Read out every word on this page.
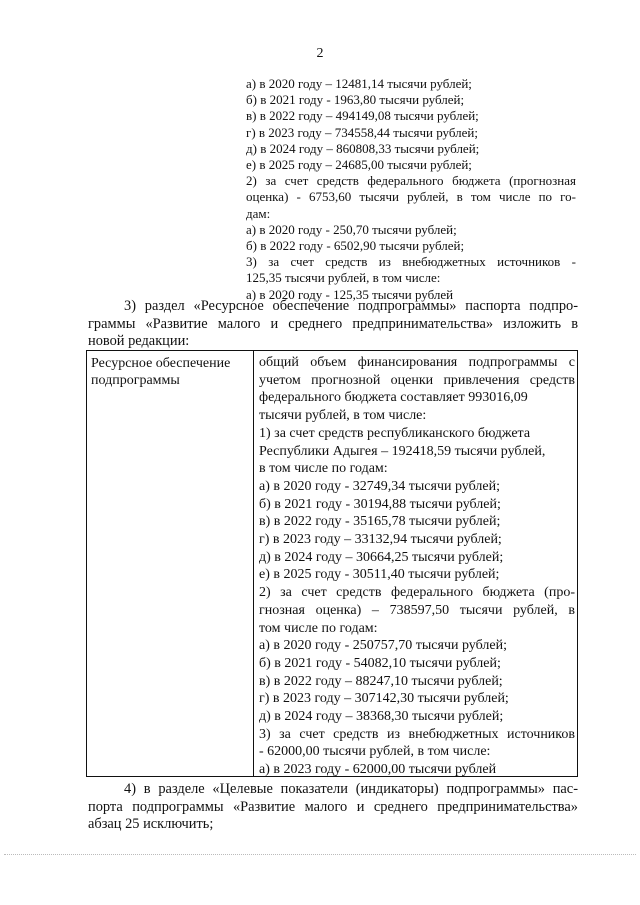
2
а) в 2020 году – 12481,14 тысячи рублей;
б) в 2021 году - 1963,80 тысячи рублей;
в) в 2022 году – 494149,08 тысячи рублей;
г) в 2023 году – 734558,44 тысячи рублей;
д) в 2024 году – 860808,33 тысячи рублей;
е) в 2025 году – 24685,00 тысячи рублей;
2) за счет средств федерального бюджета (прогнозная
оценка) - 6753,60 тысячи рублей, в том числе по го-
дам:
а) в 2020 году - 250,70 тысячи рублей;
б) в 2022 году - 6502,90 тысячи рублей;
3) за счет средств из внебюджетных источников -
125,35 тысячи рублей, в том числе:
а) в 2020 году - 125,35 тысячи рублей
3) раздел «Ресурсное обеспечение подпрограммы» паспорта подпро-
граммы «Развитие малого и среднего предпринимательства» изложить в
новой редакции:
Ресурсное обеспечение
подпрограммы
общий объем финансирования подпрограммы с
учетом прогнозной оценки привлечения средств
федерального бюджета составляет 993016,09
тысячи рублей, в том числе:
1) за счет средств республиканского бюджета
Республики Адыгея – 192418,59 тысячи рублей,
в том числе по годам:
а) в 2020 году - 32749,34 тысячи рублей;
б) в 2021 году - 30194,88 тысячи рублей;
в) в 2022 году - 35165,78 тысячи рублей;
г) в 2023 году – 33132,94 тысячи рублей;
д) в 2024 году – 30664,25 тысячи рублей;
е) в 2025 году - 30511,40 тысячи рублей;
2) за счет средств федерального бюджета (про-
гнозная оценка) – 738597,50 тысячи рублей, в
том числе по годам:
а) в 2020 году - 250757,70 тысячи рублей;
б) в 2021 году - 54082,10 тысячи рублей;
в) в 2022 году – 88247,10 тысячи рублей;
г) в 2023 году – 307142,30 тысячи рублей;
д) в 2024 году – 38368,30 тысячи рублей;
3) за счет средств из внебюджетных источников
- 62000,00 тысячи рублей, в том числе:
а) в 2023 году - 62000,00 тысячи рублей
4) в разделе «Целевые показатели (индикаторы) подпрограммы» пас-
порта подпрограммы «Развитие малого и среднего предпринимательства»
абзац 25 исключить;
